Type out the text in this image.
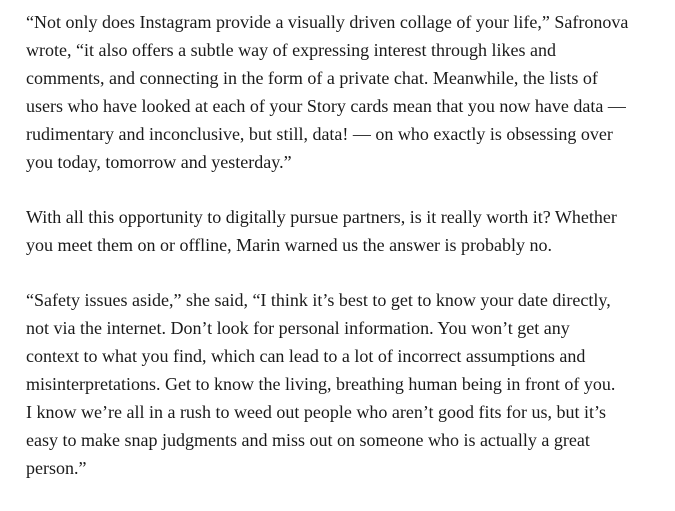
“Not only does Instagram provide a visually driven collage of your life,” Safronova
wrote, “it also offers a subtle way of expressing interest through likes and
comments, and connecting in the form of a private chat. Meanwhile, the lists of
users who have looked at each of your Story cards mean that you now have data —
rudimentary and inconclusive, but still, data! — on who exactly is obsessing over
you today, tomorrow and yesterday.”

With all this opportunity to digitally pursue partners, is it really worth it? Whether
you meet them on or offline, Marin warned us the answer is probably no.

“Safety issues aside,” she said, “I think it’s best to get to know your date directly,
not via the internet. Don’t look for personal information. You won’t get any
context to what you find, which can lead to a lot of incorrect assumptions and
misinterpretations. Get to know the living, breathing human being in front of you.
I know we’re all in a rush to weed out people who aren’t good fits for us, but it’s
easy to make snap judgments and miss out on someone who is actually a great
person.”
